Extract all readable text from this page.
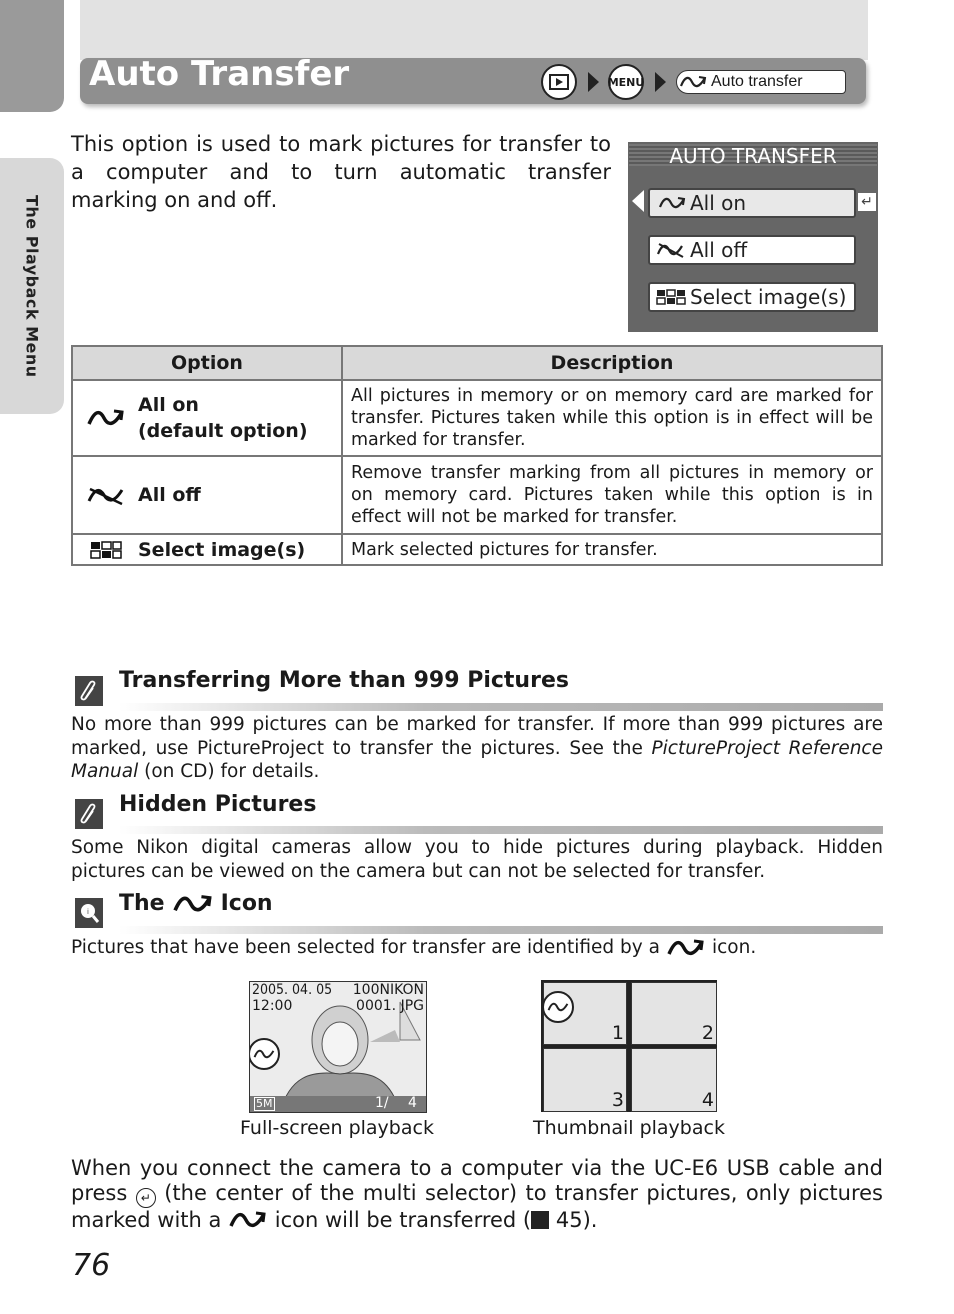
The Playback Menu
Auto Transfer	MENU	Auto transfer
This option is used to mark pictures for transfer to a computer and to turn automatic transfer marking on and off.
AUTO TRANSFER
All on	↵
All off
Select image(s)
Option	Description

All on
(default option)	All pictures in memory or on memory card are marked for transfer. Pictures taken while this option is in effect will be marked for transfer.

All off	Remove transfer marking from all pictures in memory or on memory card. Pictures taken while this option is in effect will not be marked for transfer.

Select image(s)	Mark selected pictures for transfer.
Transferring More than 999 Pictures
No more than 999 pictures can be marked for transfer. If more than 999 pictures are marked, use PictureProject to transfer the pictures. See the PictureProject Reference Manual (on CD) for details.
Hidden Pictures
Some Nikon digital cameras allow you to hide pictures during playback. Hidden pictures can be viewed on the camera but can not be selected for transfer.
i The	Icon
Pictures that have been selected for transfer are identified by a	icon.
2005. 04. 05
12:00
100NIKON
0001. JPG
5M	1/ 4
1	2
3	4
Full-screen playback	Thumbnail playback
When you connect the camera to a computer via the UC-E6 USB cable and press ↵ (the center of the multi selector) to transfer pictures, only pictures marked with a	icon will be transferred ( 45).
76
